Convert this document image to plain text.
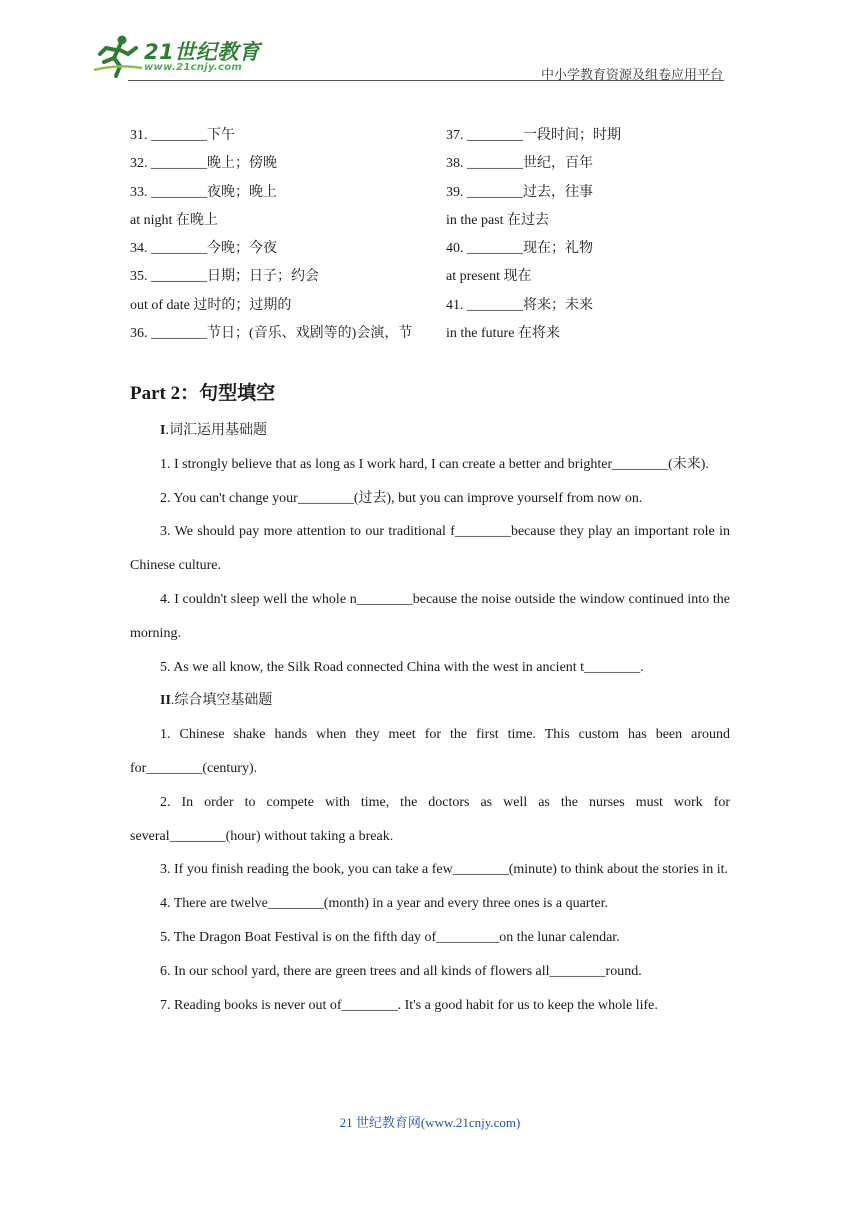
21世纪教育
www.21cnjy.com	中小学教育资源及组卷应用平台
31. ________下午
32. ________晚上；傍晚
33. ________夜晚；晚上
at night 在晚上
34. ________今晚；今夜
35. ________日期；日子；约会
out of date 过时的；过期的
36. ________节日；(音乐、戏剧等的)会演，节
37. ________一段时间；时期
38. ________世纪，百年
39. ________过去，往事
in the past 在过去
40. ________现在；礼物
at present 现在
41. ________将来；未来
in the future 在将来
Part 2：句型填空
I.词汇运用基础题
1. I strongly believe that as long as I work hard, I can create a better and brighter________(未来).
2. You can't change your________(过去), but you can improve yourself from now on.
3. We should pay more attention to our traditional f________because they play an important role in Chinese culture.
4. I couldn't sleep well the whole n________because the noise outside the window continued into the morning.
5. As we all know, the Silk Road connected China with the west in ancient t________.
II.综合填空基础题
1. Chinese shake hands when they meet for the first time. This custom has been around for________(century).
2. In order to compete with time, the doctors as well as the nurses must work for several________(hour) without taking a break.
3. If you finish reading the book, you can take a few________(minute) to think about the stories in it.
4. There are twelve________(month) in a year and every three ones is a quarter.
5. The Dragon Boat Festival is on the fifth day of_________on the lunar calendar.
6. In our school yard, there are green trees and all kinds of flowers all________round.
7. Reading books is never out of________. It's a good habit for us to keep the whole life.
21 世纪教育网(www.21cnjy.com)
